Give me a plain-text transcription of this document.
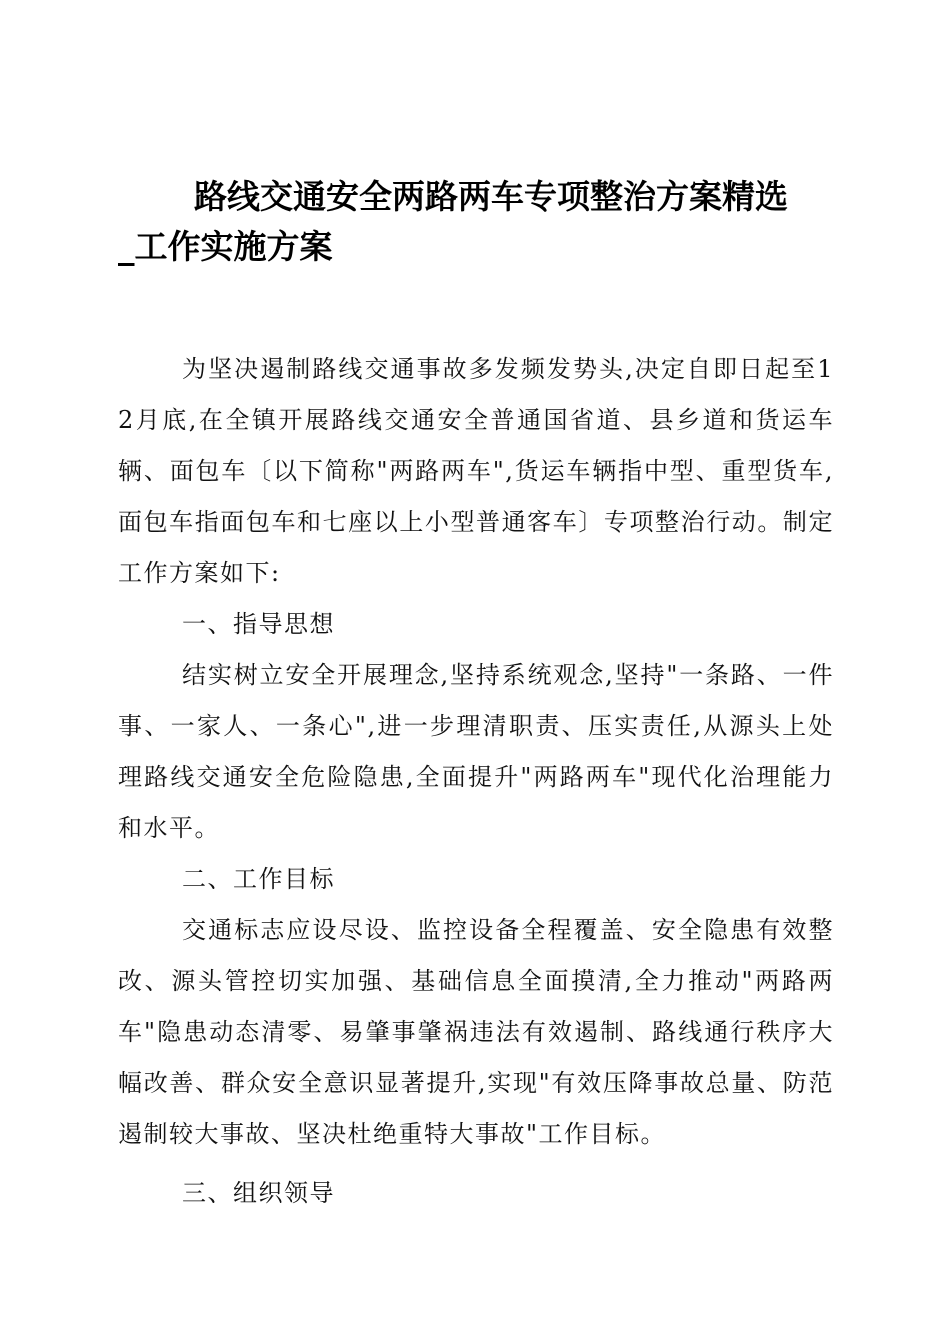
路线交通安全两路两车专项整治方案精选
_工作实施方案

为坚决遏制路线交通事故多发频发势头,决定自即日起至12月底,在全镇开展路线交通安全普通国省道、县乡道和货运车辆、面包车〔以下简称"两路两车",货运车辆指中型、重型货车,面包车指面包车和七座以上小型普通客车〕专项整治行动。制定工作方案如下:

一、指导思想

结实树立安全开展理念,坚持系统观念,坚持"一条路、一件事、一家人、一条心",进一步理清职责、压实责任,从源头上处理路线交通安全危险隐患,全面提升"两路两车"现代化治理能力和水平。

二、工作目标

交通标志应设尽设、监控设备全程覆盖、安全隐患有效整改、源头管控切实加强、基础信息全面摸清,全力推动"两路两车"隐患动态清零、易肇事肇祸违法有效遏制、路线通行秩序大幅改善、群众安全意识显著提升,实现"有效压降事故总量、防范遏制较大事故、坚决杜绝重特大事故"工作目标。

三、组织领导
